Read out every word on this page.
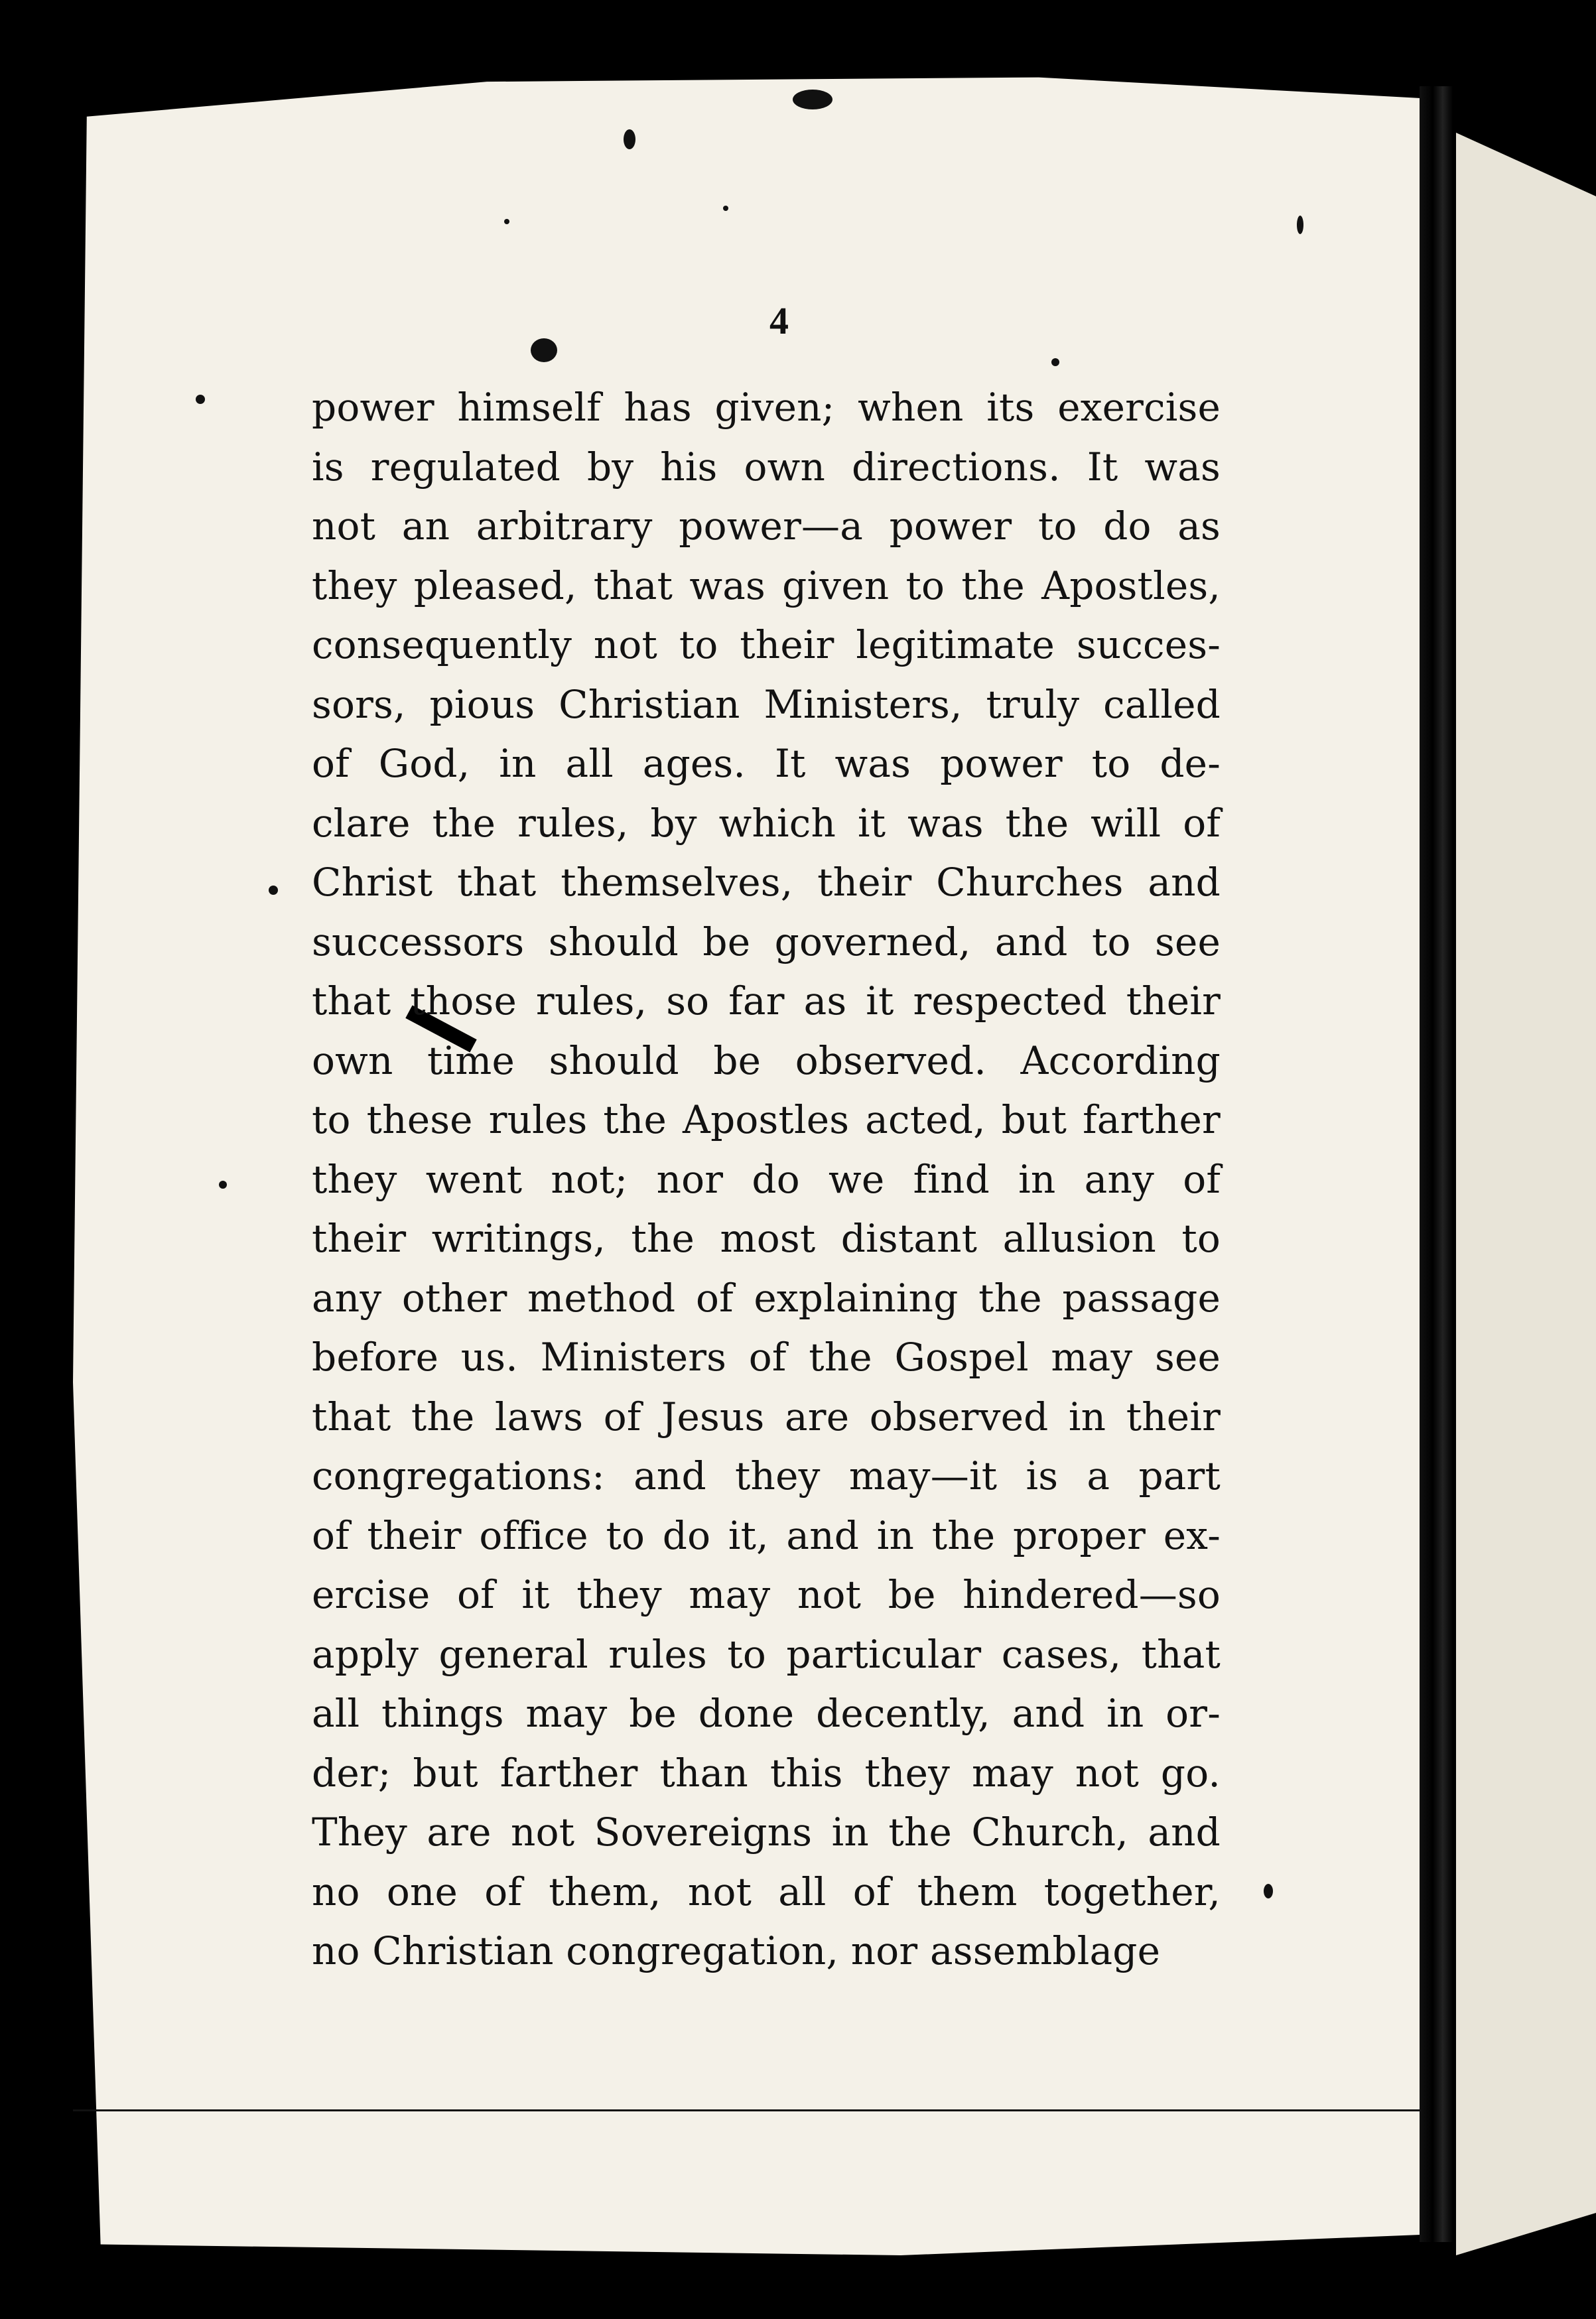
4
power himself has given; when its exercise
is regulated by his own directions. It was
not an arbitrary power—a power to do as
they pleased, that was given to the Apostles,
consequently not to their legitimate succes-
sors, pious Christian Ministers, truly called
of God, in all ages. It was power to de-
clare the rules, by which it was the will of
Christ that themselves, their Churches and
successors should be governed, and to see
that those rules, so far as it respected their
own time should be observed. According
to these rules the Apostles acted, but farther
they went not; nor do we find in any of
their writings, the most distant allusion to
any other method of explaining the passage
before us. Ministers of the Gospel may see
that the laws of Jesus are observed in their
congregations: and they may—it is a part
of their office to do it, and in the proper ex-
ercise of it they may not be hindered—so
apply general rules to particular cases, that
all things may be done decently, and in or-
der; but farther than this they may not go.
They are not Sovereigns in the Church, and
no one of them, not all of them together,
no Christian congregation, nor assemblage
